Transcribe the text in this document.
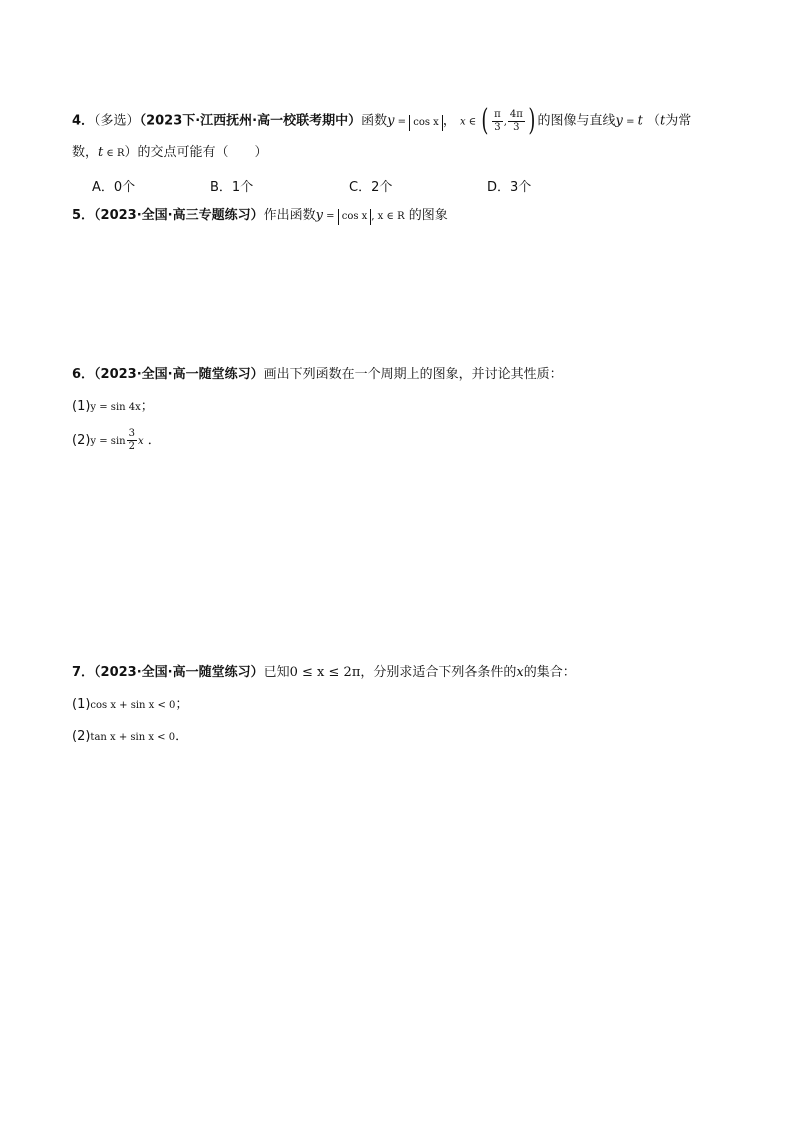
4．（多选）（2023下·江西抚州·高一校联考期中）函数y = cos x ， x ∈ ( $\frac{\pi}{3}$ , $\frac{4\pi}{3}$ ) 的图像与直线y = t （t为常
数，t ∈ R）的交点可能有（　　）
A．0个	B．1个	C．2个	D．3个
5．（2023·全国·高三专题练习）作出函数y = cos x , x ∈ R 的图象
6．（2023·全国·高一随堂练习）画出下列函数在一个周期上的图象，并讨论其性质：
(1)y = sin 4x；
$(2)y = \sin \frac{3}{2}$ x ．
7．（2023·全国·高一随堂练习）已知0 ≤ x ≤ 2π，分别求适合下列各条件的x的集合：
(1)cos x + sin x < 0；
(2)tan x + sin x < 0．
